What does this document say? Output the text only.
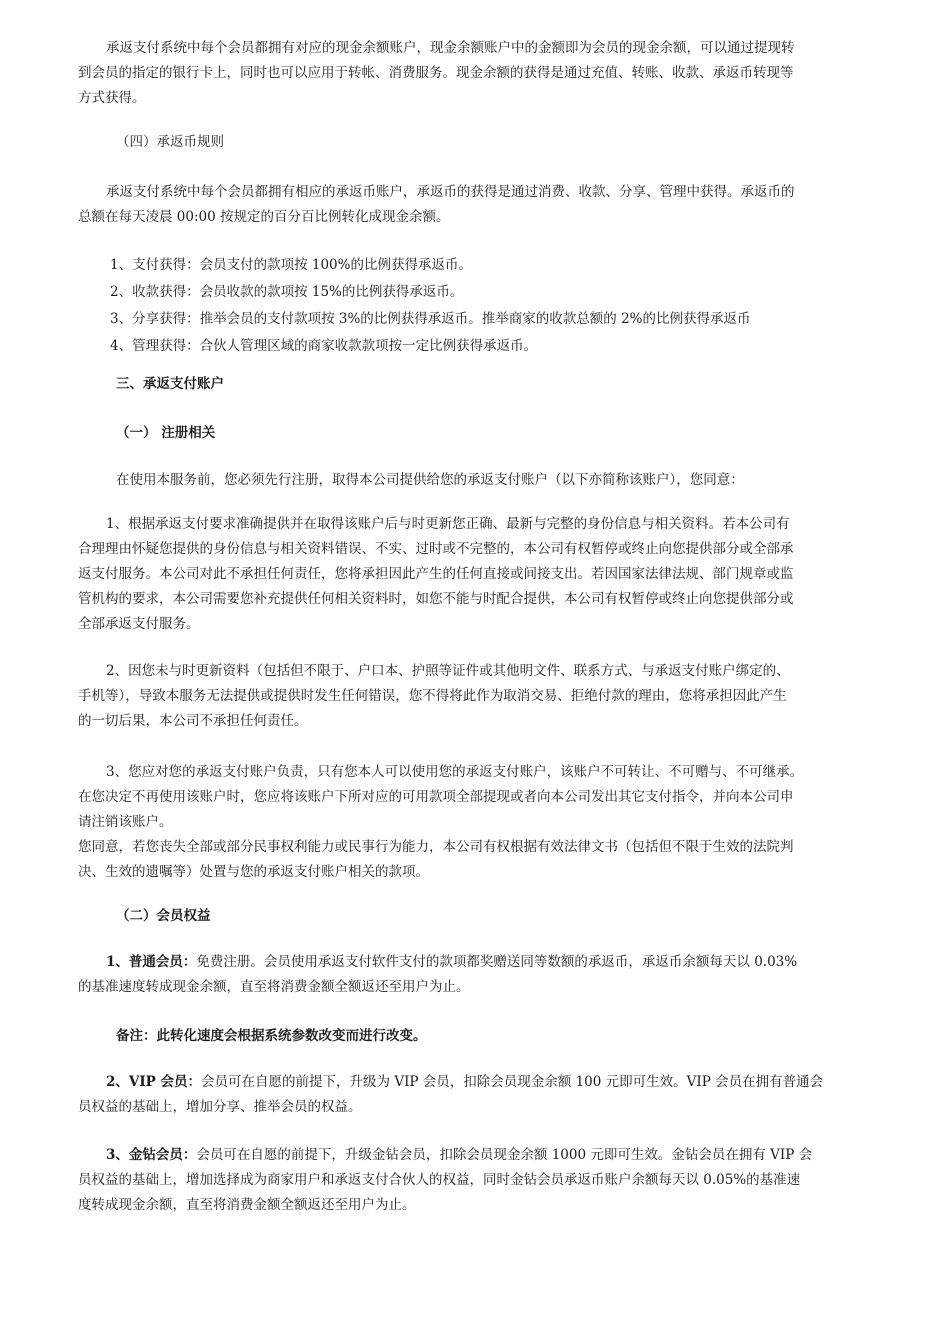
承返支付系统中每个会员都拥有对应的现金余额账户，现金余额账户中的金额即为会员的现金余额，可以通过提现转
到会员的指定的银行卡上，同时也可以应用于转帐、消费服务。现金余额的获得是通过充值、转账、收款、承返币转现等
方式获得。
（四）承返币规则
承返支付系统中每个会员都拥有相应的承返币账户，承返币的获得是通过消费、收款、分享、管理中获得。承返币的
总额在每天凌晨 00:00 按规定的百分百比例转化成现金余额。
1、支付获得：会员支付的款项按 100%的比例获得承返币。
2、收款获得：会员收款的款项按 15%的比例获得承返币。
3、分享获得：推举会员的支付款项按 3%的比例获得承返币。推举商家的收款总额的 2%的比例获得承返币
4、管理获得：合伙人管理区域的商家收款款项按一定比例获得承返币。
三、承返支付账户
（一） 注册相关
在使用本服务前，您必须先行注册，取得本公司提供给您的承返支付账户（以下亦简称该账户），您同意：
1、根据承返支付要求准确提供并在取得该账户后与时更新您正确、最新与完整的身份信息与相关资料。若本公司有
合理理由怀疑您提供的身份信息与相关资料错误、不实、过时或不完整的，本公司有权暂停或终止向您提供部分或全部承
返支付服务。本公司对此不承担任何责任，您将承担因此产生的任何直接或间接支出。若因国家法律法规、部门规章或监
管机构的要求，本公司需要您补充提供任何相关资料时，如您不能与时配合提供，本公司有权暂停或终止向您提供部分或
全部承返支付服务。
2、因您未与时更新资料（包括但不限于、户口本、护照等证件或其他明文件、联系方式、与承返支付账户绑定的、
手机等），导致本服务无法提供或提供时发生任何错误，您不得将此作为取消交易、拒绝付款的理由，您将承担因此产生
的一切后果，本公司不承担任何责任。
3、您应对您的承返支付账户负责，只有您本人可以使用您的承返支付账户，该账户不可转让、不可赠与、不可继承。
在您决定不再使用该账户时，您应将该账户下所对应的可用款项全部提现或者向本公司发出其它支付指令，并向本公司申
请注销该账户。
您同意，若您丧失全部或部分民事权利能力或民事行为能力，本公司有权根据有效法律文书（包括但不限于生效的法院判
决、生效的遗嘱等）处置与您的承返支付账户相关的款项。
（二）会员权益
1、普通会员：免费注册。会员使用承返支付软件支付的款项都奖赠送同等数额的承返币，承返币余额每天以 0.03%
的基准速度转成现金余额，直至将消费金额全额返还至用户为止。
备注：此转化速度会根据系统参数改变而进行改变。
2、VIP 会员：会员可在自愿的前提下，升级为 VIP 会员，扣除会员现金余额 100 元即可生效。VIP 会员在拥有普通会
员权益的基础上，增加分享、推举会员的权益。
3、金钻会员：会员可在自愿的前提下，升级金钻会员，扣除会员现金余额 1000 元即可生效。金钻会员在拥有 VIP 会
员权益的基础上，增加选择成为商家用户和承返支付合伙人的权益，同时金钻会员承返币账户余额每天以 0.05%的基准速
度转成现金余额，直至将消费金额全额返还至用户为止。
